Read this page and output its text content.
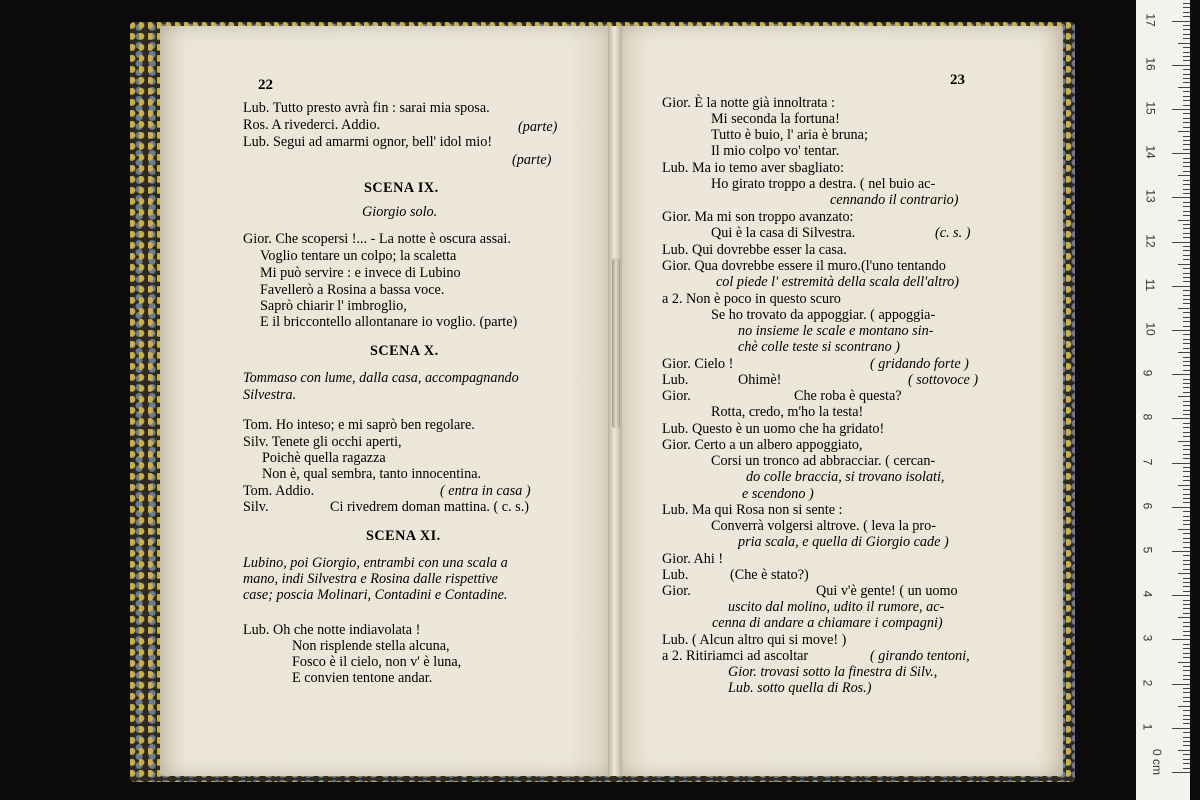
22	23
Lub. Tutto presto avrà fin : sarai mia sposa.
Ros. A rivederci. Addio.	(parte)
Lub. Segui ad amarmi ognor, bell' idol mio!
(parte)
SCENA IX.
Giorgio solo.
Gior. Che scopersi !... - La notte è oscura assai.
Voglio tentare un colpo; la scaletta
Mi può servire : e invece di Lubino
Favellerò a Rosina a bassa voce.
Saprò chiarir l' imbroglio,
E il briccontello allontanare io voglio. (parte)
SCENA X.
Tommaso con lume, dalla casa, accompagnando
Silvestra.
Tom. Ho inteso; e mi saprò ben regolare.
Silv. Tenete gli occhi aperti,
Poichè quella ragazza
Non è, qual sembra, tanto innocentina.
Tom. Addio.	( entra in casa )
Silv.	Ci rivedrem doman mattina. ( c. s.)
SCENA XI.
Lubino, poi Giorgio, entrambi con una scala a
mano, indi Silvestra e Rosina dalle rispettive
case; poscia Molinari, Contadini e Contadine.
Lub. Oh che notte indiavolata !
Non risplende stella alcuna,
Fosco è il cielo, non v' è luna,
E convien tentone andar.
Gior. È la notte già innoltrata :
Mi seconda la fortuna!
Tutto è buio, l' aria è bruna;
Il mio colpo vo' tentar.
Lub. Ma io temo aver sbagliato:
Ho girato troppo a destra. ( nel buio ac-
cennando il contrario)
Gior. Ma mi son troppo avanzato:
Qui è la casa di Silvestra.	(c. s. )
Lub. Qui dovrebbe esser la casa.
Gior. Qua dovrebbe essere il muro.(l'uno tentando
col piede l' estremità della scala dell'altro)
a 2. Non è poco in questo scuro
Se ho trovato da appoggiar. ( appoggia-
no insieme le scale e montano sin-
chè colle teste si scontrano )
Gior. Cielo !	( gridando forte )
Lub.	Ohimè!	( sottovoce )
Gior.	Che roba è questa?
Rotta, credo, m'ho la testa!
Lub. Questo è un uomo che ha gridato!
Gior. Certo a un albero appoggiato,
Corsi un tronco ad abbracciar. ( cercan-
do colle braccia, si trovano isolati,
e scendono )
Lub. Ma qui Rosa non si sente :
Converrà volgersi altrove. ( leva la pro-
pria scala, e quella di Giorgio cade )
Gior. Ahi !
Lub.	(Che è stato?)
Gior.	Qui v'è gente! ( un uomo
uscito dal molino, udito il rumore, ac-
cenna di andare a chiamare i compagni)
Lub. ( Alcun altro qui si move! )
a 2. Ritiriamci ad ascoltar	( girando tentoni,
Gior. trovasi sotto la finestra di Silv.,
Lub. sotto quella di Ros.)
0 cm
1
2
3
4
5
6
7
8
9
10
11
12
13
14
15
16
17
